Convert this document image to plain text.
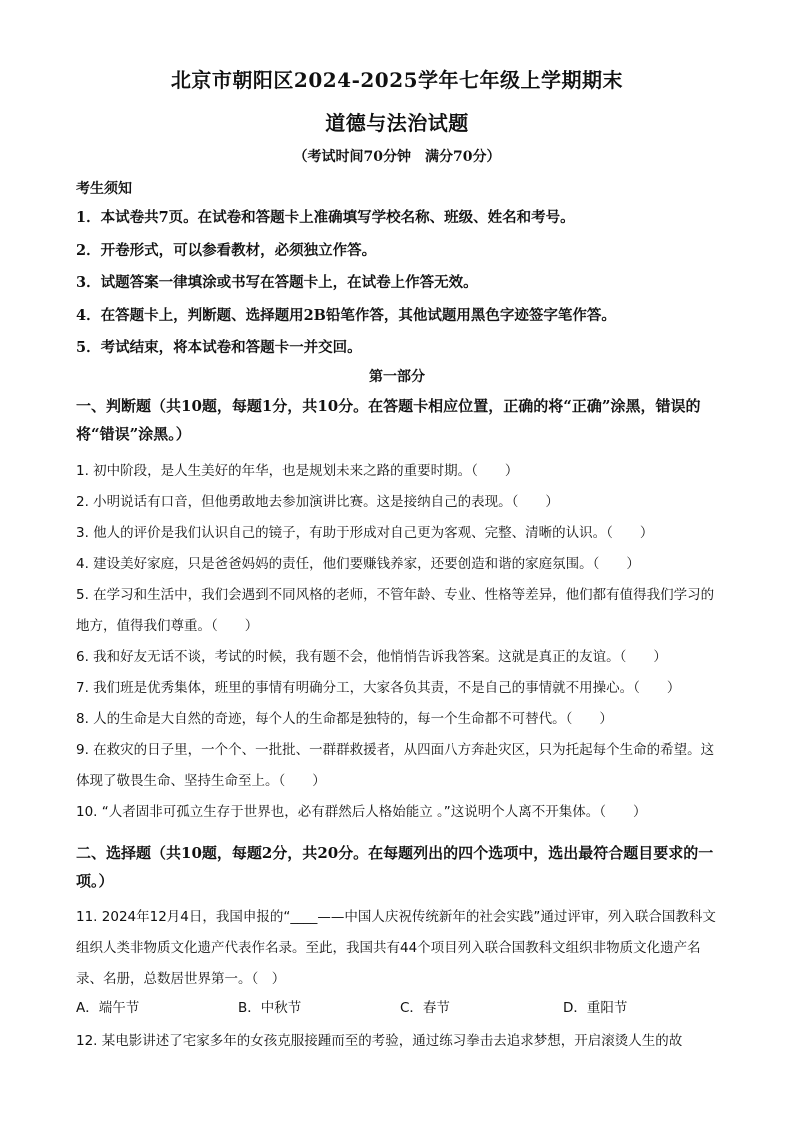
北京市朝阳区2024-2025学年七年级上学期期末
道德与法治试题
（考试时间70分钟　满分70分）
考生须知
1．本试卷共7页。在试卷和答题卡上准确填写学校名称、班级、姓名和考号。
2．开卷形式，可以参看教材，必须独立作答。
3．试题答案一律填涂或书写在答题卡上，在试卷上作答无效。
4．在答题卡上，判断题、选择题用2B铅笔作答，其他试题用黑色字迹签字笔作答。
5．考试结束，将本试卷和答题卡一并交回。
第一部分
一、判断题（共10题，每题1分，共10分。在答题卡相应位置，正确的将“正确”涂黑，错误的将“错误”涂黑。）
1. 初中阶段，是人生美好的年华，也是规划未来之路的重要时期。（　　）
2. 小明说话有口音，但他勇敢地去参加演讲比赛。这是接纳自己的表现。（　　）
3. 他人的评价是我们认识自己的镜子，有助于形成对自己更为客观、完整、清晰的认识。（　　）
4. 建设美好家庭，只是爸爸妈妈的责任，他们要赚钱养家，还要创造和谐的家庭氛围。（　　）
5. 在学习和生活中，我们会遇到不同风格的老师，不管年龄、专业、性格等差异，他们都有值得我们学习的地方，值得我们尊重。（　　）
6. 我和好友无话不谈，考试的时候，我有题不会，他悄悄告诉我答案。这就是真正的友谊。（　　）
7. 我们班是优秀集体，班里的事情有明确分工，大家各负其责，不是自己的事情就不用操心。（　　）
8. 人的生命是大自然的奇迹，每个人的生命都是独特的，每一个生命都不可替代。（　　）
9. 在救灾的日子里，一个个、一批批、一群群救援者，从四面八方奔赴灾区，只为托起每个生命的希望。这体现了敬畏生命、坚持生命至上。（　　）
10. “人者固非可孤立生存于世界也，必有群然后人格始能立 。”这说明个人离不开集体。（　　）
二、选择题（共10题，每题2分，共20分。在每题列出的四个选项中，选出最符合题目要求的一项。）
11. 2024年12月4日，我国申报的“____——中国人庆祝传统新年的社会实践”通过评审，列入联合国教科文组织人类非物质文化遗产代表作名录。至此，我国共有44个项目列入联合国教科文组织非物质文化遗产名录、名册，总数居世界第一。（　）
A．端午节	B．中秋节	C．春节	D．重阳节
12. 某电影讲述了宅家多年的女孩克服接踵而至的考验，通过练习拳击去追求梦想，开启滚烫人生的故
